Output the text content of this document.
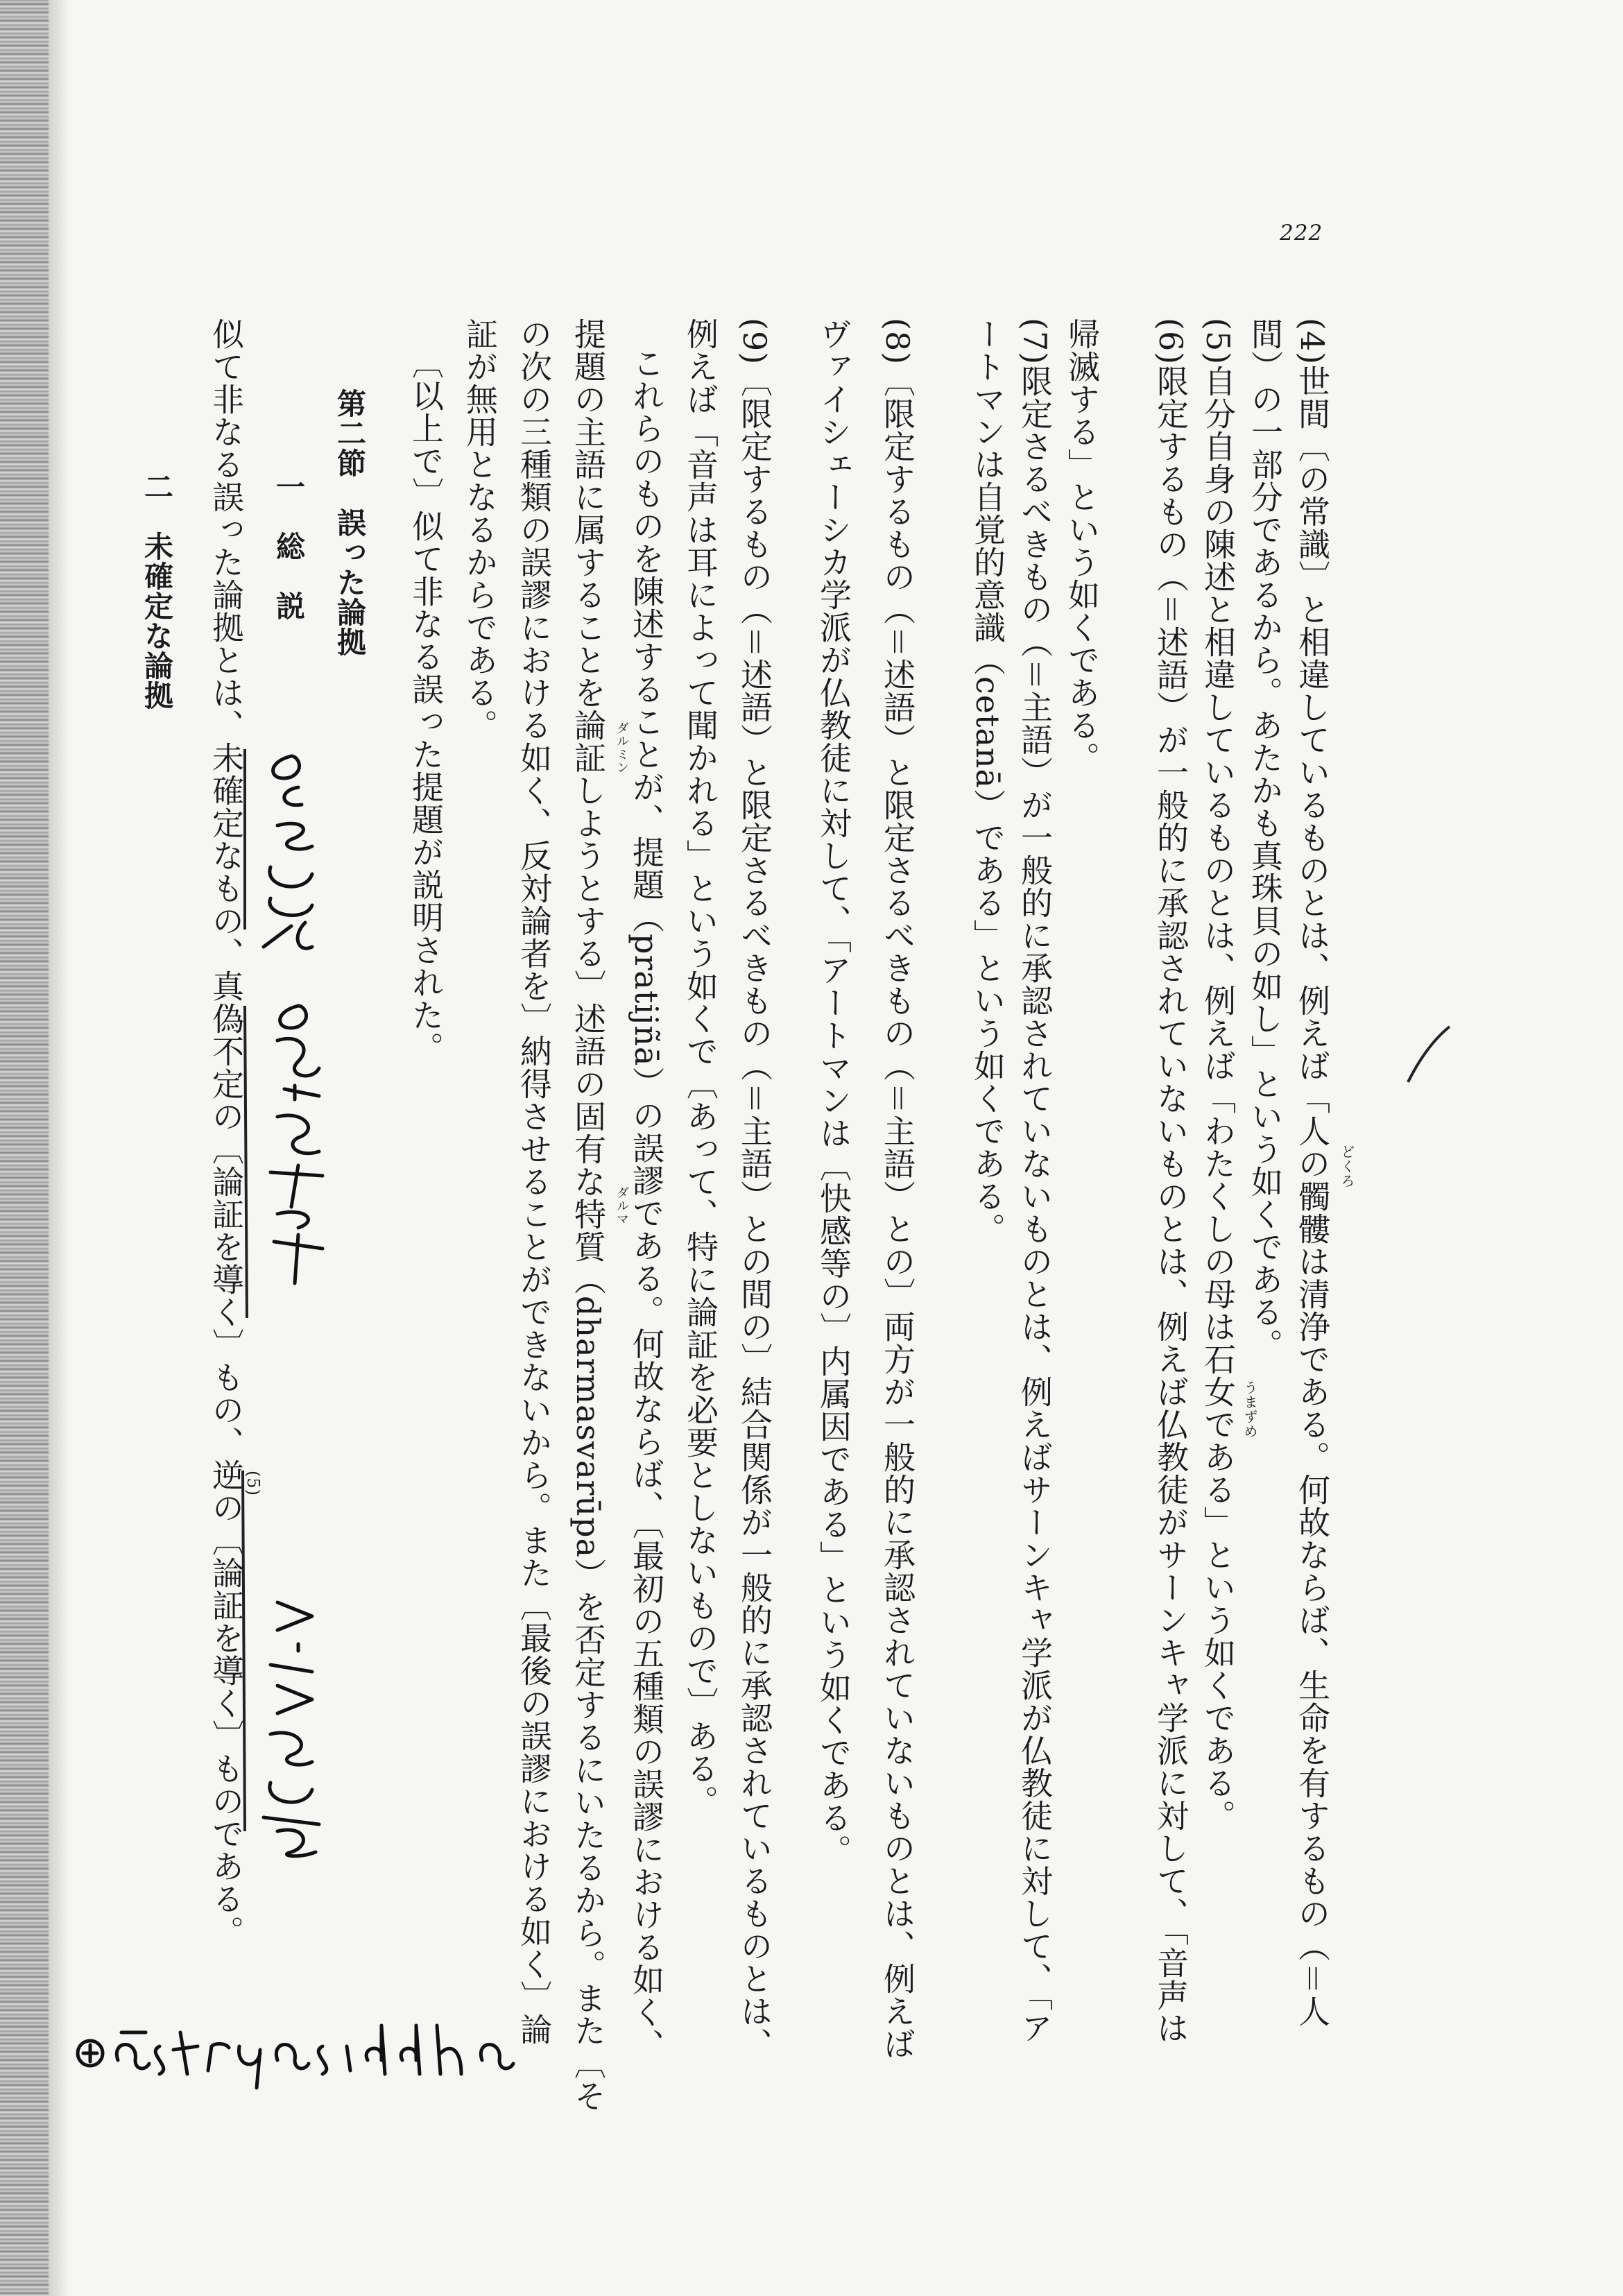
222
(4)世間〔の常識〕と相違しているものとは、例えば「人の髑髏は清浄である。何故ならば、生命を有するもの（＝人
間）の一部分であるから。あたかも真珠貝の如し」という如くである。
(5)自分自身の陳述と相違しているものとは、例えば「わたくしの母は石女である」という如くである。
(6)限定するもの（＝述語）が一般的に承認されていないものとは、例えば仏教徒がサーンキャ学派に対して、「音声は
帰滅する」という如くである。
(7)限定さるべきもの（＝主語）が一般的に承認されていないものとは、例えばサーンキャ学派が仏教徒に対して、「ア
ートマンは自覚的意識（cetanā）である」という如くである。
(8)〔限定するもの（＝述語）と限定さるべきもの（＝主語）との〕両方が一般的に承認されていないものとは、例えば
ヴァイシェーシカ学派が仏教徒に対して、「アートマンは〔快感等の〕内属因である」という如くである。
(9)〔限定するもの（＝述語）と限定さるべきもの（＝主語）との間の〕結合関係が一般的に承認されているものとは、
例えば「音声は耳によって聞かれる」という如くで〔あって、特に論証を必要としないもので〕ある。
これらのものを陳述することが、提題（pratijñā）の誤謬である。何故ならば、〔最初の五種類の誤謬における如く、
提題の主語に属することを論証しようとする〕述語の固有な特質（dharmasvarūpa）を否定するにいたるから。また〔そ
の次の三種類の誤謬における如く、反対論者を〕納得させることができないから。また〔最後の誤謬における如く〕論
証が無用となるからである。
〔以上で〕似て非なる誤った提題が説明された。
第二節　誤った論拠
一　総　説
似て非なる誤った論拠とは、未確定なもの、真偽不定の〔論証を導く〕もの、逆の〔論証を導く〕ものである。
二　未確定な論拠
どくろ
うまずめ
ダルミン
ダルマ
(5)
